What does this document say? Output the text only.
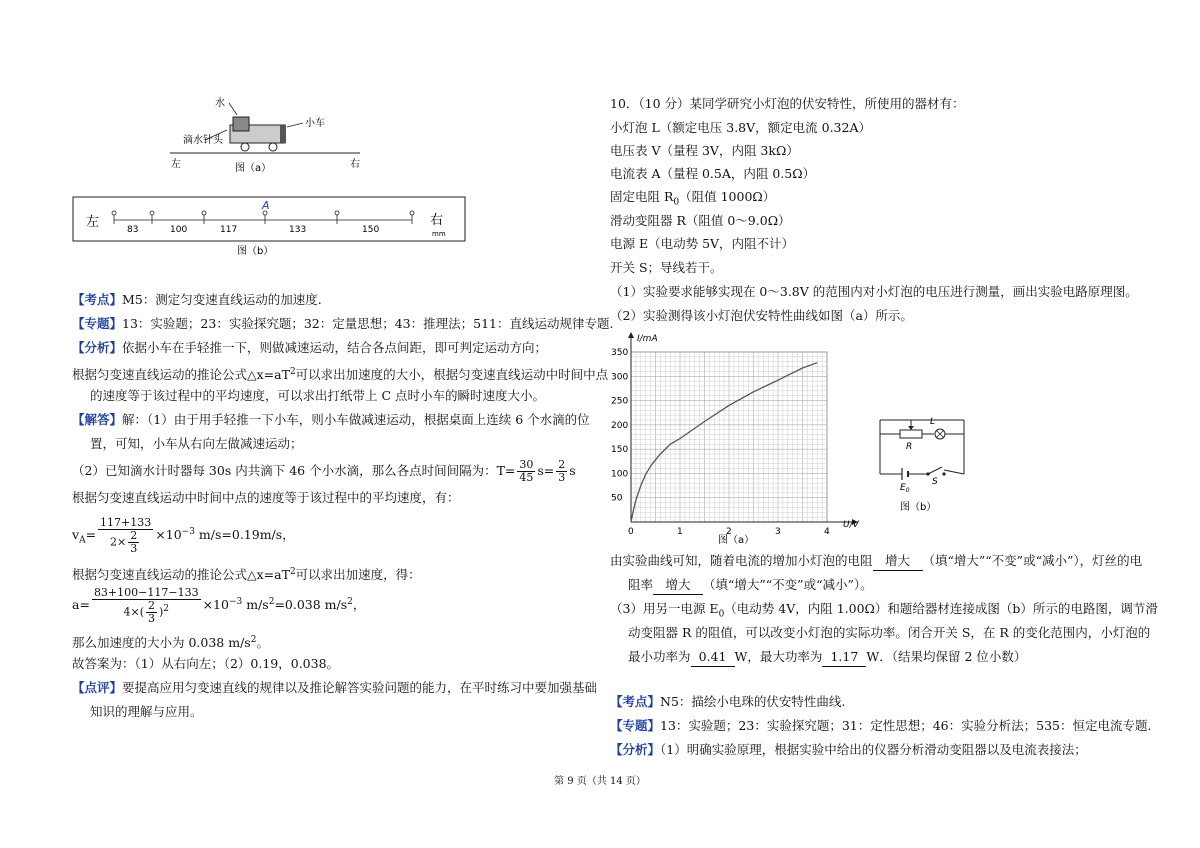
水
滴水针头
小车
左	右
图（a）
左	右
mm
A
83	100	117	133	150
图（b）
【考点】M5：测定匀变速直线运动的加速度.
【专题】13：实验题；23：实验探究题；32：定量思想；43：推理法；511：直线运动规律专题.
【分析】依据小车在手轻推一下，则做减速运动，结合各点间距，即可判定运动方向；
根据匀变速直线运动的推论公式$\triangle x=aT^2$可以求出加速度的大小，根据匀变速直线运动中时间中点
的速度等于该过程中的平均速度，可以求出打纸带上 C 点时小车的瞬时速度大小。
【解答】解：（1）由于用手轻推一下小车，则小车做减速运动，根据桌面上连续 6 个水滴的位
置，可知，小车从右向左做减速运动；
（2）已知滴水计时器每 30s 内共滴下 46 个小水滴，那么各点时间间隔为：$T= \frac{30}{45} s= \frac{2}{3}$ s
根据匀变速直线运动中时间中点的速度等于该过程中的平均速度，有：
$v_A= \frac{117+133}{2\times \frac{2}{3}} \times 10^{-3}$ m/s=0.19m/s，
根据匀变速直线运动的推论公式$\triangle x=aT^2$可以求出加速度，得：
$a= \frac{83+100-117-133}{4\times( \frac{2}{3} )^2} \times 10^{-3}$ $m/s^2=0.038$ $m/s^2$，
那么加速度的大小为 0.038 $m/s^2$。
故答案为：（1）从右向左；（2）0.19，0.038。
【点评】要提高应用匀变速直线的规律以及推论解答实验问题的能力，在平时练习中要加强基础
知识的理解与应用。
10．（10 分）某同学研究小灯泡的伏安特性，所使用的器材有：
小灯泡 L（额定电压 3.8V，额定电流 0.32A）
电压表 V（量程 3V，内阻 3kΩ）
电流表 A（量程 0.5A，内阻 0.5Ω）
固定电阻 $R_0$（阻值 1000Ω）
滑动变阻器 R（阻值 0～9.0Ω）
电源 E（电动势 5V，内阻不计）
开关 S；导线若干。
（1）实验要求能够实现在 0～3.8V 的范围内对小灯泡的电压进行测量，画出实验电路原理图。
（2）实验测得该小灯泡伏安特性曲线如图（a）所示。
0	1	2	3	4
50
100
150
200
250
300
350
I/mA
U/V
图（a）
L
R
$E_0$
S
图（b）
由实验曲线可知，随着电流的增加小灯泡的电阻 增大 （填“增大”“不变”或“减小”），灯丝的电
阻率 增大 （填“增大”“不变”或“减小”）。
（3）用另一电源 $E_0$（电动势 4V，内阻 1.00Ω）和题给器材连接成图（b）所示的电路图，调节滑
动变阻器 R 的阻值，可以改变小灯泡的实际功率。闭合开关 S，在 R 的变化范围内，小灯泡的
最小功率为 0.41 W，最大功率为 1.17 W．（结果均保留 2 位小数）
【考点】N5：描绘小电珠的伏安特性曲线.
【专题】13：实验题；23：实验探究题；31：定性思想；46：实验分析法；535：恒定电流专题.
【分析】（1）明确实验原理，根据实验中给出的仪器分析滑动变阻器以及电流表接法；
第 9 页（共 14 页）
